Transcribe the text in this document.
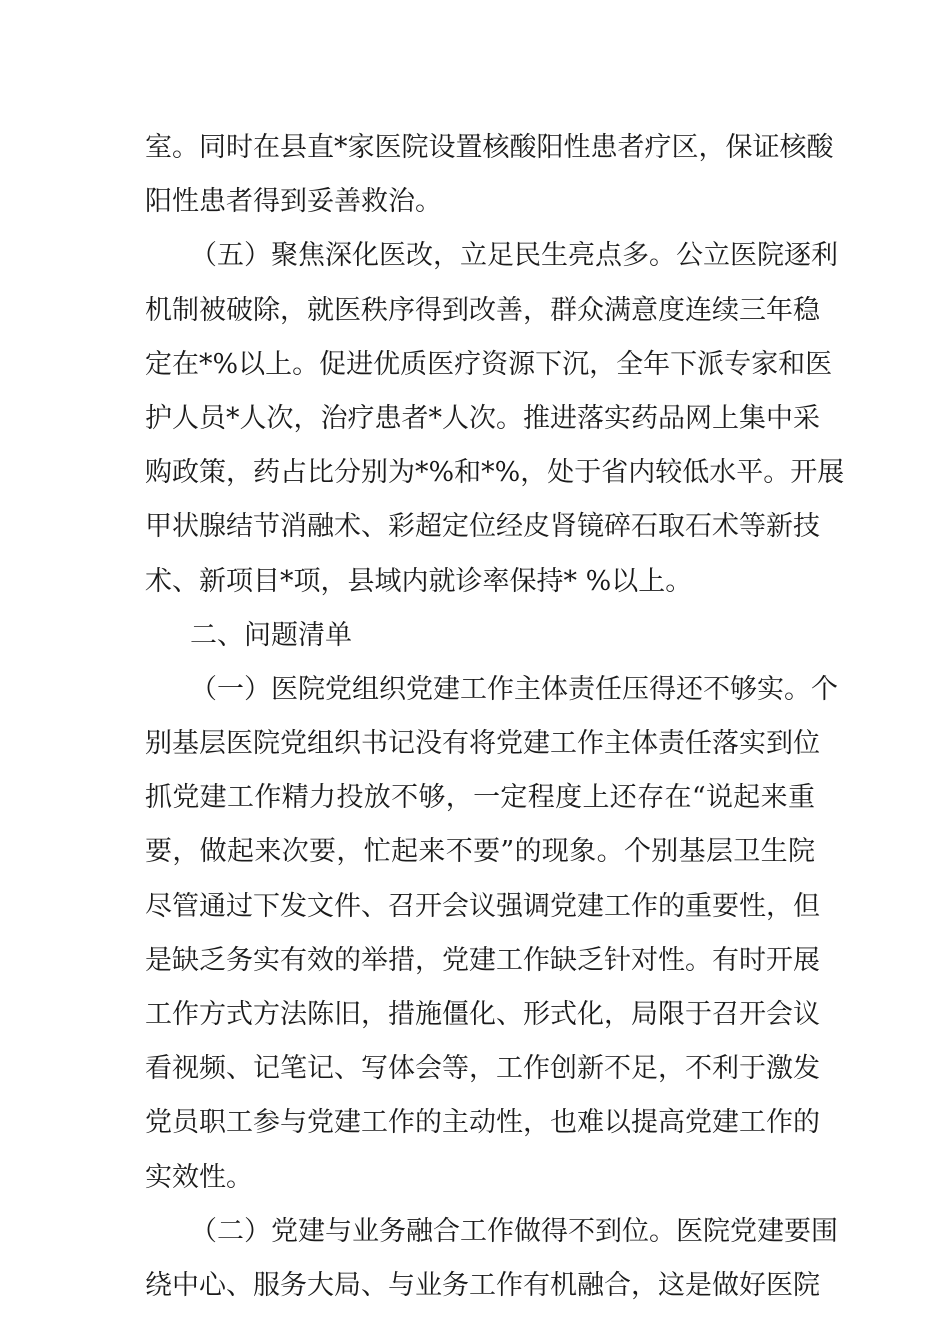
室。同时在县直*家医院设置核酸阳性患者疗区，保证核酸
阳性患者得到妥善救治。
（五）聚焦深化医改，立足民生亮点多。公立医院逐利
机制被破除，就医秩序得到改善，群众满意度连续三年稳
定在*%以上。促进优质医疗资源下沉，全年下派专家和医
护人员*人次，治疗患者*人次。推进落实药品网上集中采
购政策，药占比分别为*%和*%，处于省内较低水平。开展
甲状腺结节消融术、彩超定位经皮肾镜碎石取石术等新技
术、新项目*项，县域内就诊率保持* %以上。
二、问题清单
（一）医院党组织党建工作主体责任压得还不够实。个
别基层医院党组织书记没有将党建工作主体责任落实到位
抓党建工作精力投放不够，一定程度上还存在“说起来重
要，做起来次要，忙起来不要”的现象。个别基层卫生院
尽管通过下发文件、召开会议强调党建工作的重要性，但
是缺乏务实有效的举措，党建工作缺乏针对性。有时开展
工作方式方法陈旧，措施僵化、形式化，局限于召开会议
看视频、记笔记、写体会等，工作创新不足，不利于激发
党员职工参与党建工作的主动性，也难以提高党建工作的
实效性。
（二）党建与业务融合工作做得不到位。医院党建要围
绕中心、服务大局、与业务工作有机融合，这是做好医院
